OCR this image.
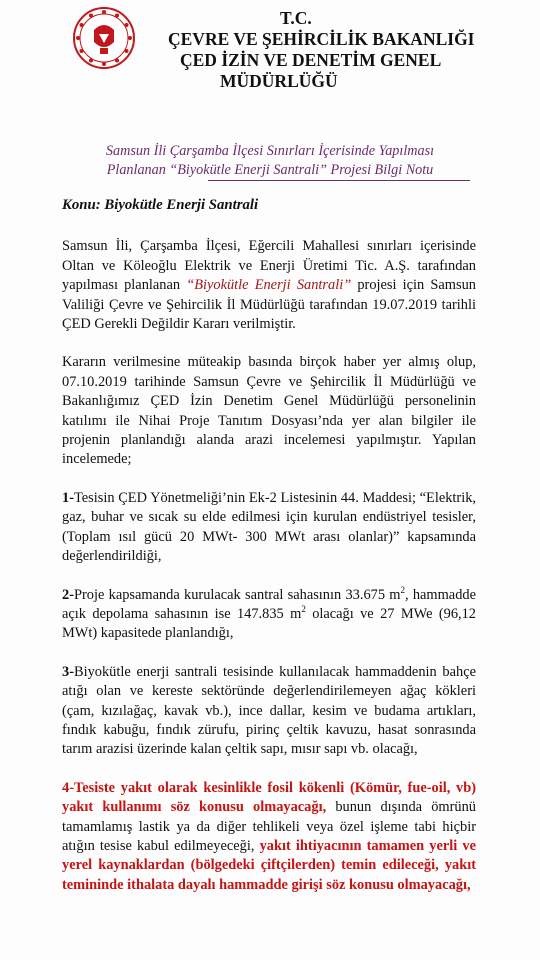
T.C.
ÇEVRE VE ŞEHİRCİLİK BAKANLIĞI
ÇED İZİN VE DENETİM GENEL
MÜDÜRLÜĞÜ
Samsun İli Çarşamba İlçesi Sınırları İçerisinde Yapılması
Planlanan “Biyokütle Enerji Santrali” Projesi Bilgi Notu
Konu: Biyokütle Enerji Santrali

Samsun İli, Çarşamba İlçesi, Eğercili Mahallesi sınırları içerisinde Oltan ve Köleoğlu Elektrik ve Enerji Üretimi Tic. A.Ş. tarafından yapılması planlanan “Biyokütle Enerji Santrali” projesi için Samsun Valiliği Çevre ve Şehircilik İl Müdürlüğü tarafından 19.07.2019 tarihli ÇED Gerekli Değildir Kararı verilmiştir.

Kararın verilmesine müteakip basında birçok haber yer almış olup, 07.10.2019 tarihinde Samsun Çevre ve Şehircilik İl Müdürlüğü ve Bakanlığımız ÇED İzin Denetim Genel Müdürlüğü personelinin katılımı ile Nihai Proje Tanıtım Dosyası’nda yer alan bilgiler ile projenin planlandığı alanda arazi incelemesi yapılmıştır. Yapılan incelemede;

1-Tesisin ÇED Yönetmeliği’nin Ek-2 Listesinin 44. Maddesi; “Elektrik, gaz, buhar ve sıcak su elde edilmesi için kurulan endüstriyel tesisler, (Toplam ısıl gücü 20 MWt- 300 MWt arası olanlar)” kapsamında değerlendirildiği,

2-Proje kapsamanda kurulacak santral sahasının 33.675 $m^2$, hammadde açık depolama sahasının ise 147.835 $m^2$ olacağı ve 27 MWe (96,12 MWt) kapasitede planlandığı,

3-Biyokütle enerji santrali tesisinde kullanılacak hammaddenin bahçe atığı olan ve kereste sektöründe değerlendirilemeyen ağaç kökleri (çam, kızılağaç, kavak vb.), ince dallar, kesim ve budama artıkları, fındık kabuğu, fındık zürufu, pirinç çeltik kavuzu, hasat sonrasında tarım arazisi üzerinde kalan çeltik sapı, mısır sapı vb. olacağı,

4-Tesiste yakıt olarak kesinlikle fosil kökenli (Kömür, fue-oil, vb) yakıt kullanımı söz konusu olmayacağı, bunun dışında ömrünü tamamlamış lastik ya da diğer tehlikeli veya özel işleme tabi hiçbir atığın tesise kabul edilmeyeceği, yakıt ihtiyacının tamamen yerli ve yerel kaynaklardan (bölgedeki çiftçilerden) temin edileceği, yakıt temininde ithalata dayalı hammadde girişi söz konusu olmayacağı,
